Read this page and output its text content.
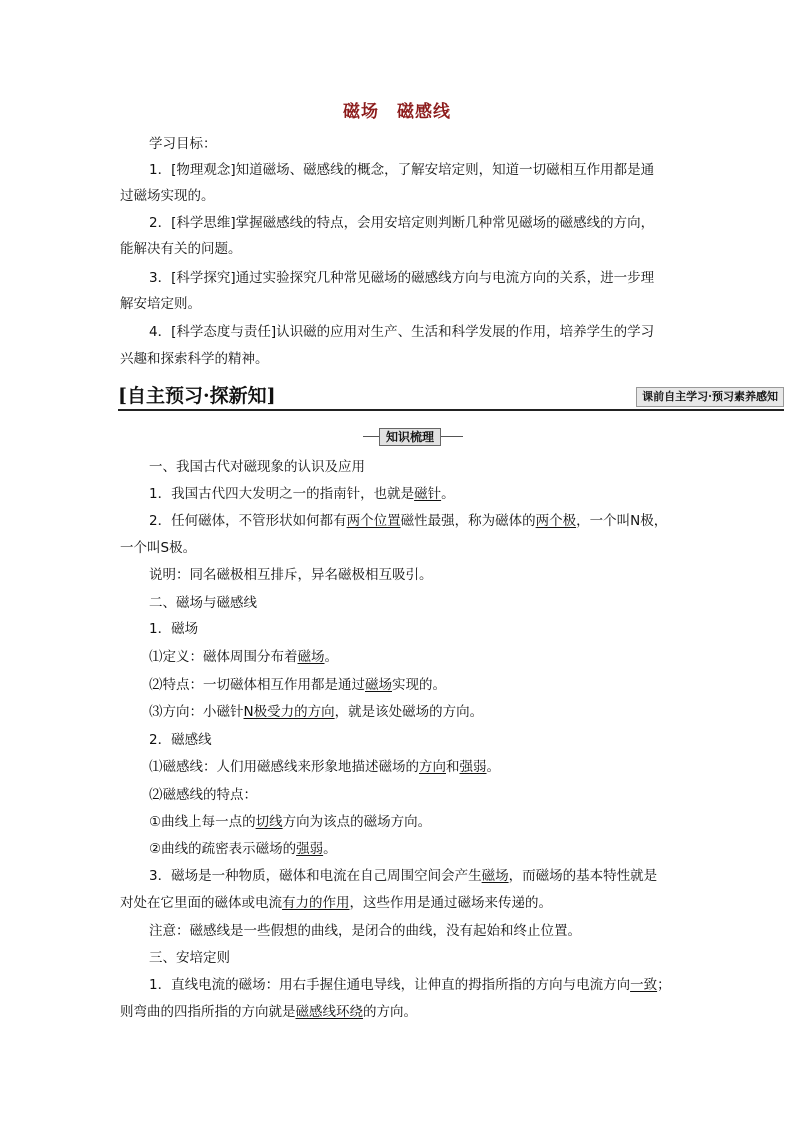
磁场 磁感线
学习目标：
1．[物理观念]知道磁场、磁感线的概念，了解安培定则，知道一切磁相互作用都是通
过磁场实现的。
2．[科学思维]掌握磁感线的特点，会用安培定则判断几种常见磁场的磁感线的方向，
能解决有关的问题。
3．[科学探究]通过实验探究几种常见磁场的磁感线方向与电流方向的关系，进一步理
解安培定则。
4．[科学态度与责任]认识磁的应用对生产、生活和科学发展的作用，培养学生的学习
兴趣和探索科学的精神。
[自主预习·探新知]	课前自主学习·预习素养感知
知识梳理
一、我国古代对磁现象的认识及应用
1．我国古代四大发明之一的指南针，也就是磁针。
2．任何磁体，不管形状如何都有两个位置磁性最强，称为磁体的两个极，一个叫N极，
一个叫S极。
说明：同名磁极相互排斥，异名磁极相互吸引。
二、磁场与磁感线
1．磁场
⑴定义：磁体周围分布着磁场。
⑵特点：一切磁体相互作用都是通过磁场实现的。
⑶方向：小磁针N极受力的方向，就是该处磁场的方向。
2．磁感线
⑴磁感线：人们用磁感线来形象地描述磁场的方向和强弱。
⑵磁感线的特点：
①曲线上每一点的切线方向为该点的磁场方向。
②曲线的疏密表示磁场的强弱。
3．磁场是一种物质，磁体和电流在自己周围空间会产生磁场，而磁场的基本特性就是
对处在它里面的磁体或电流有力的作用，这些作用是通过磁场来传递的。
注意：磁感线是一些假想的曲线，是闭合的曲线，没有起始和终止位置。
三、安培定则
1．直线电流的磁场：用右手握住通电导线，让伸直的拇指所指的方向与电流方向一致；
则弯曲的四指所指的方向就是磁感线环绕的方向。
